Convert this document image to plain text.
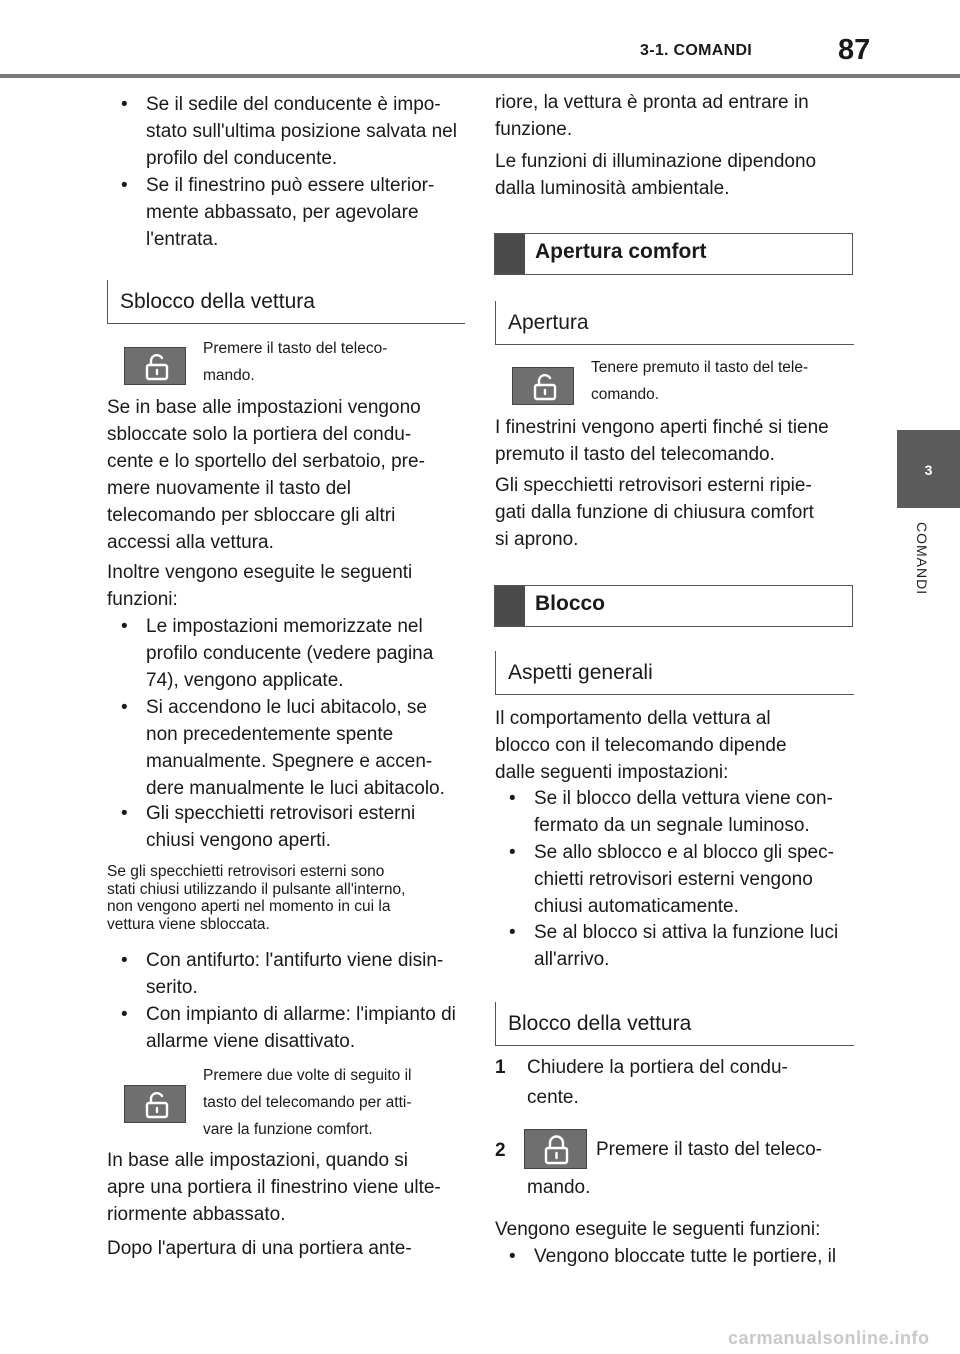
3-1. COMANDI	87
3
COMANDI
• Se il sedile del conducente è impo-
stato sull'ultima posizione salvata nel
profilo del conducente.
• Se il finestrino può essere ulterior-
mente abbassato, per agevolare
l'entrata.
Sblocco della vettura
Premere il tasto del teleco-
mando.
Se in base alle impostazioni vengono
sbloccate solo la portiera del condu-
cente e lo sportello del serbatoio, pre-
mere nuovamente il tasto del
telecomando per sbloccare gli altri
accessi alla vettura.
Inoltre vengono eseguite le seguenti
funzioni:
• Le impostazioni memorizzate nel
profilo conducente (vedere pagina
74), vengono applicate.
• Si accendono le luci abitacolo, se
non precedentemente spente
manualmente. Spegnere e accen-
dere manualmente le luci abitacolo.
• Gli specchietti retrovisori esterni
chiusi vengono aperti.
Se gli specchietti retrovisori esterni sono
stati chiusi utilizzando il pulsante all'interno,
non vengono aperti nel momento in cui la
vettura viene sbloccata.
• Con antifurto: l'antifurto viene disin-
serito.
• Con impianto di allarme: l'impianto di
allarme viene disattivato.
Premere due volte di seguito il
tasto del telecomando per atti-
vare la funzione comfort.
In base alle impostazioni, quando si
apre una portiera il finestrino viene ulte-
riormente abbassato.
Dopo l'apertura di una portiera ante-
riore, la vettura è pronta ad entrare in
funzione.
Le funzioni di illuminazione dipendono
dalla luminosità ambientale.
Apertura comfort
Apertura
Tenere premuto il tasto del tele-
comando.
I finestrini vengono aperti finché si tiene
premuto il tasto del telecomando.
Gli specchietti retrovisori esterni ripie-
gati dalla funzione di chiusura comfort
si aprono.
Blocco
Aspetti generali
Il comportamento della vettura al
blocco con il telecomando dipende
dalle seguenti impostazioni:
• Se il blocco della vettura viene con-
fermato da un segnale luminoso.
• Se allo sblocco e al blocco gli spec-
chietti retrovisori esterni vengono
chiusi automaticamente.
• Se al blocco si attiva la funzione luci
all'arrivo.
Blocco della vettura
1 Chiudere la portiera del condu-
cente.
2	Premere il tasto del teleco-
mando.
Vengono eseguite le seguenti funzioni:
• Vengono bloccate tutte le portiere, il
carmanualsonline.info
